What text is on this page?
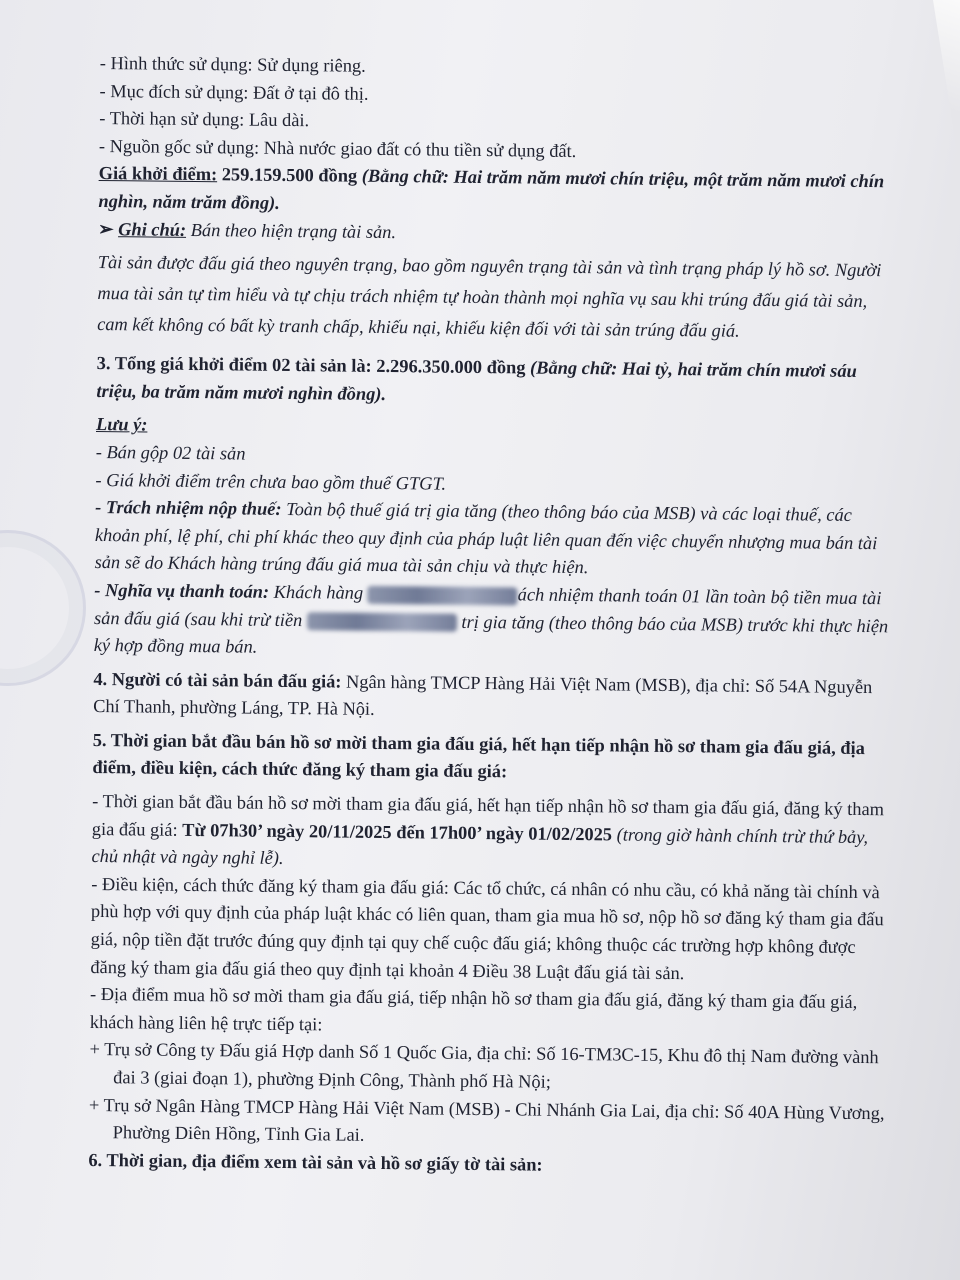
- Hình thức sử dụng: Sử dụng riêng.

- Mục đích sử dụng: Đất ở tại đô thị.

- Thời hạn sử dụng: Lâu dài.

- Nguồn gốc sử dụng: Nhà nước giao đất có thu tiền sử dụng đất.

Giá khởi điểm: 259.159.500 đồng (Bằng chữ: Hai trăm năm mươi chín triệu, một trăm năm mươi chín nghìn, năm trăm đồng).

➢ Ghi chú: Bán theo hiện trạng tài sản.

Tài sản được đấu giá theo nguyên trạng, bao gồm nguyên trạng tài sản và tình trạng pháp lý hồ sơ. Người mua tài sản tự tìm hiểu và tự chịu trách nhiệm tự hoàn thành mọi nghĩa vụ sau khi trúng đấu giá tài sản, cam kết không có bất kỳ tranh chấp, khiếu nại, khiếu kiện đối với tài sản trúng đấu giá.

3. Tổng giá khởi điểm 02 tài sản là: 2.296.350.000 đồng (Bằng chữ: Hai tỷ, hai trăm chín mươi sáu triệu, ba trăm năm mươi nghìn đồng).

Lưu ý:

- Bán gộp 02 tài sản

- Giá khởi điểm trên chưa bao gồm thuế GTGT.

- Trách nhiệm nộp thuế: Toàn bộ thuế giá trị gia tăng (theo thông báo của MSB) và các loại thuế, các khoản phí, lệ phí, chi phí khác theo quy định của pháp luật liên quan đến việc chuyển nhượng mua bán tài sản sẽ do Khách hàng trúng đấu giá mua tài sản chịu và thực hiện.

- Nghĩa vụ thanh toán: Khách hàng	ách nhiệm thanh toán 01 lần toàn bộ tiền mua tài sản đấu giá (sau khi trừ tiền	trị gia tăng (theo thông báo của MSB) trước khi thực hiện ký hợp đồng mua bán.

4. Người có tài sản bán đấu giá: Ngân hàng TMCP Hàng Hải Việt Nam (MSB), địa chỉ: Số 54A Nguyễn Chí Thanh, phường Láng, TP. Hà Nội.

5. Thời gian bắt đầu bán hồ sơ mời tham gia đấu giá, hết hạn tiếp nhận hồ sơ tham gia đấu giá, địa điểm, điều kiện, cách thức đăng ký tham gia đấu giá:

- Thời gian bắt đầu bán hồ sơ mời tham gia đấu giá, hết hạn tiếp nhận hồ sơ tham gia đấu giá, đăng ký tham gia đấu giá: Từ 07h30’ ngày 20/11/2025 đến 17h00’ ngày 01/02/2025 (trong giờ hành chính trừ thứ bảy, chủ nhật và ngày nghỉ lễ).

- Điều kiện, cách thức đăng ký tham gia đấu giá: Các tổ chức, cá nhân có nhu cầu, có khả năng tài chính và phù hợp với quy định của pháp luật khác có liên quan, tham gia mua hồ sơ, nộp hồ sơ đăng ký tham gia đấu giá, nộp tiền đặt trước đúng quy định tại quy chế cuộc đấu giá; không thuộc các trường hợp không được đăng ký tham gia đấu giá theo quy định tại khoản 4 Điều 38 Luật đấu giá tài sản.

- Địa điểm mua hồ sơ mời tham gia đấu giá, tiếp nhận hồ sơ tham gia đấu giá, đăng ký tham gia đấu giá, khách hàng liên hệ trực tiếp tại:

+ Trụ sở Công ty Đấu giá Hợp danh Số 1 Quốc Gia, địa chỉ: Số 16-TM3C-15, Khu đô thị Nam đường vành đai 3 (giai đoạn 1), phường Định Công, Thành phố Hà Nội;

+ Trụ sở Ngân Hàng TMCP Hàng Hải Việt Nam (MSB) - Chi Nhánh Gia Lai, địa chỉ: Số 40A Hùng Vương, Phường Diên Hồng, Tỉnh Gia Lai.

6. Thời gian, địa điểm xem tài sản và hồ sơ giấy tờ tài sản:
